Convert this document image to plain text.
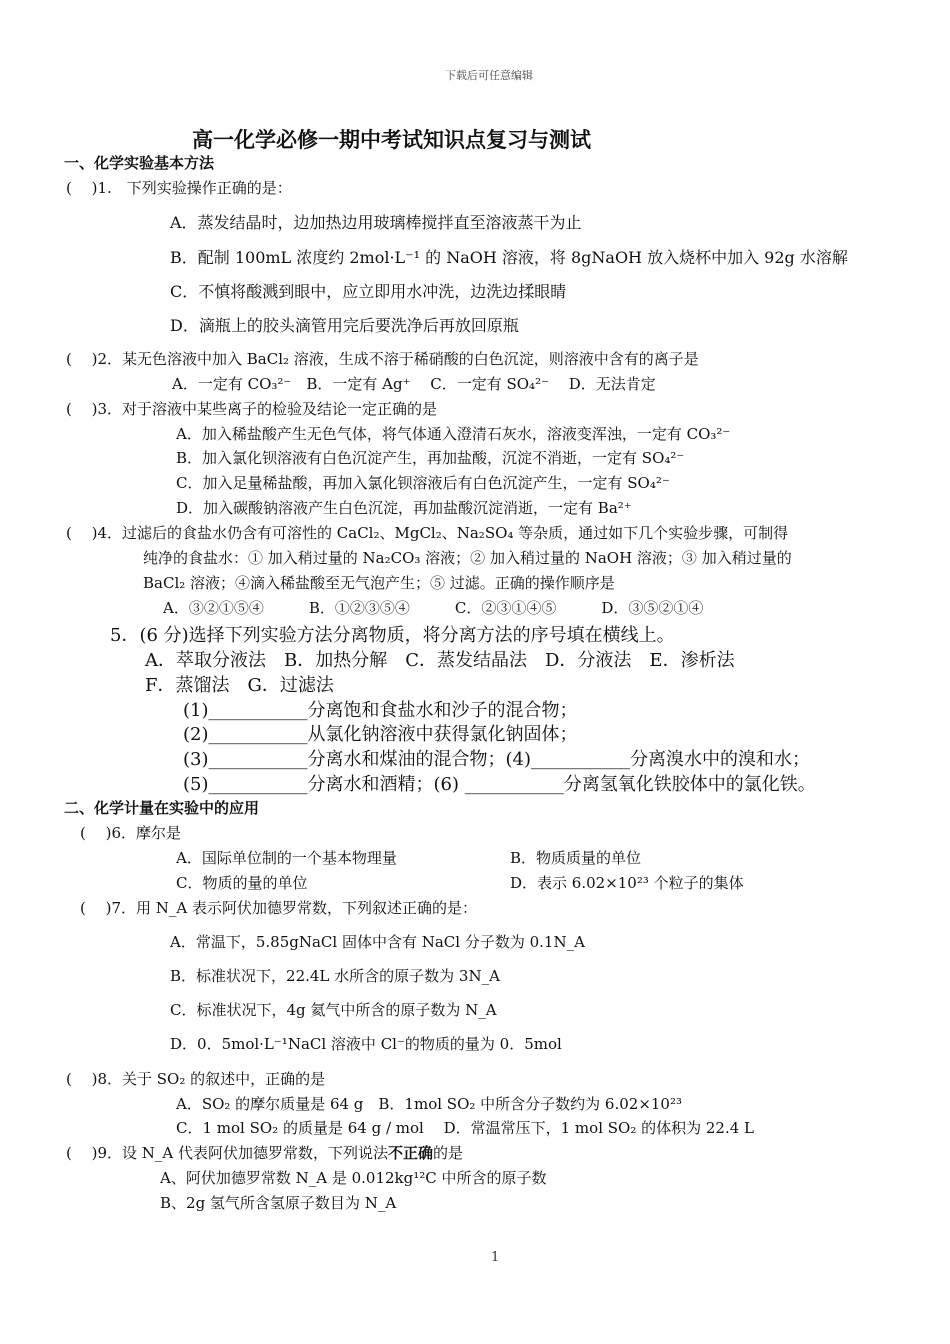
下载后可任意编辑
高一化学必修一期中考试知识点复习与测试
一、化学实验基本方法
(　 )1.　下列实验操作正确的是：
A．蒸发结晶时，边加热边用玻璃棒搅拌直至溶液蒸干为止
B．配制 100mL 浓度约 2mol·L⁻¹ 的 NaOH 溶液，将 8gNaOH 放入烧杯中加入 92g 水溶解
C．不慎将酸溅到眼中，应立即用水冲洗，边洗边揉眼睛
D．滴瓶上的胶头滴管用完后要洗净后再放回原瓶
(　 )2．某无色溶液中加入 BaCl₂ 溶液，生成不溶于稀硝酸的白色沉淀，则溶液中含有的离子是
A．一定有 CO₃²⁻　B．一定有 Ag⁺　 C．一定有 SO₄²⁻　 D．无法肯定
(　 )3．对于溶液中某些离子的检验及结论一定正确的是
A．加入稀盐酸产生无色气体，将气体通入澄清石灰水，溶液变浑浊，一定有 CO₃²⁻
B．加入氯化钡溶液有白色沉淀产生，再加盐酸，沉淀不消逝，一定有 SO₄²⁻
C．加入足量稀盐酸，再加入氯化钡溶液后有白色沉淀产生，一定有 SO₄²⁻
D．加入碳酸钠溶液产生白色沉淀，再加盐酸沉淀消逝，一定有 Ba²⁺
(　 )4．过滤后的食盐水仍含有可溶性的 CaCl₂、MgCl₂、Na₂SO₄ 等杂质，通过如下几个实验步骤，可制得
纯净的食盐水：① 加入稍过量的 Na₂CO₃ 溶液；② 加入稍过量的 NaOH 溶液；③ 加入稍过量的
BaCl₂ 溶液；④滴入稀盐酸至无气泡产生；⑤ 过滤。正确的操作顺序是
A．③②①⑤④　　　B．①②③⑤④　　　C．②③①④⑤　　　D．③⑤②①④
5．(6 分)选择下列实验方法分离物质，将分离方法的序号填在横线上。
A．萃取分液法　B．加热分解　C．蒸发结晶法　D．分液法　E．渗析法
F．蒸馏法　G．过滤法
(1)___________分离饱和食盐水和沙子的混合物；
(2)___________从氯化钠溶液中获得氯化钠固体；
(3)___________分离水和煤油的混合物；(4)___________分离溴水中的溴和水；
(5)___________分离水和酒精；(6) ___________分离氢氧化铁胶体中的氯化铁。
二、化学计量在实验中的应用
(　 )6．摩尔是
A．国际单位制的一个基本物理量	B．物质质量的单位
C．物质的量的单位	D．表示 6.02×10²³ 个粒子的集体
(　 )7．用 N_A 表示阿伏加德罗常数，下列叙述正确的是：
A．常温下，5.85gNaCl 固体中含有 NaCl 分子数为 0.1N_A
B．标准状况下，22.4L 水所含的原子数为 3N_A
C．标准状况下，4g 氦气中所含的原子数为 N_A
D．0．5mol·L⁻¹NaCl 溶液中 Cl⁻的物质的量为 0．5mol
(　 )8．关于 SO₂ 的叙述中，正确的是
A．SO₂ 的摩尔质量是 64 g　B．1mol SO₂ 中所含分子数约为 6.02×10²³
C．1 mol SO₂ 的质量是 64 g / mol　 D．常温常压下，1 mol SO₂ 的体积为 22.4 L
(　 )9．设 N_A 代表阿伏加德罗常数，下列说法不正确的是
A、阿伏加德罗常数 N_A 是 0.012kg¹²C 中所含的原子数
B、2g 氢气所含氢原子数目为 N_A
1
